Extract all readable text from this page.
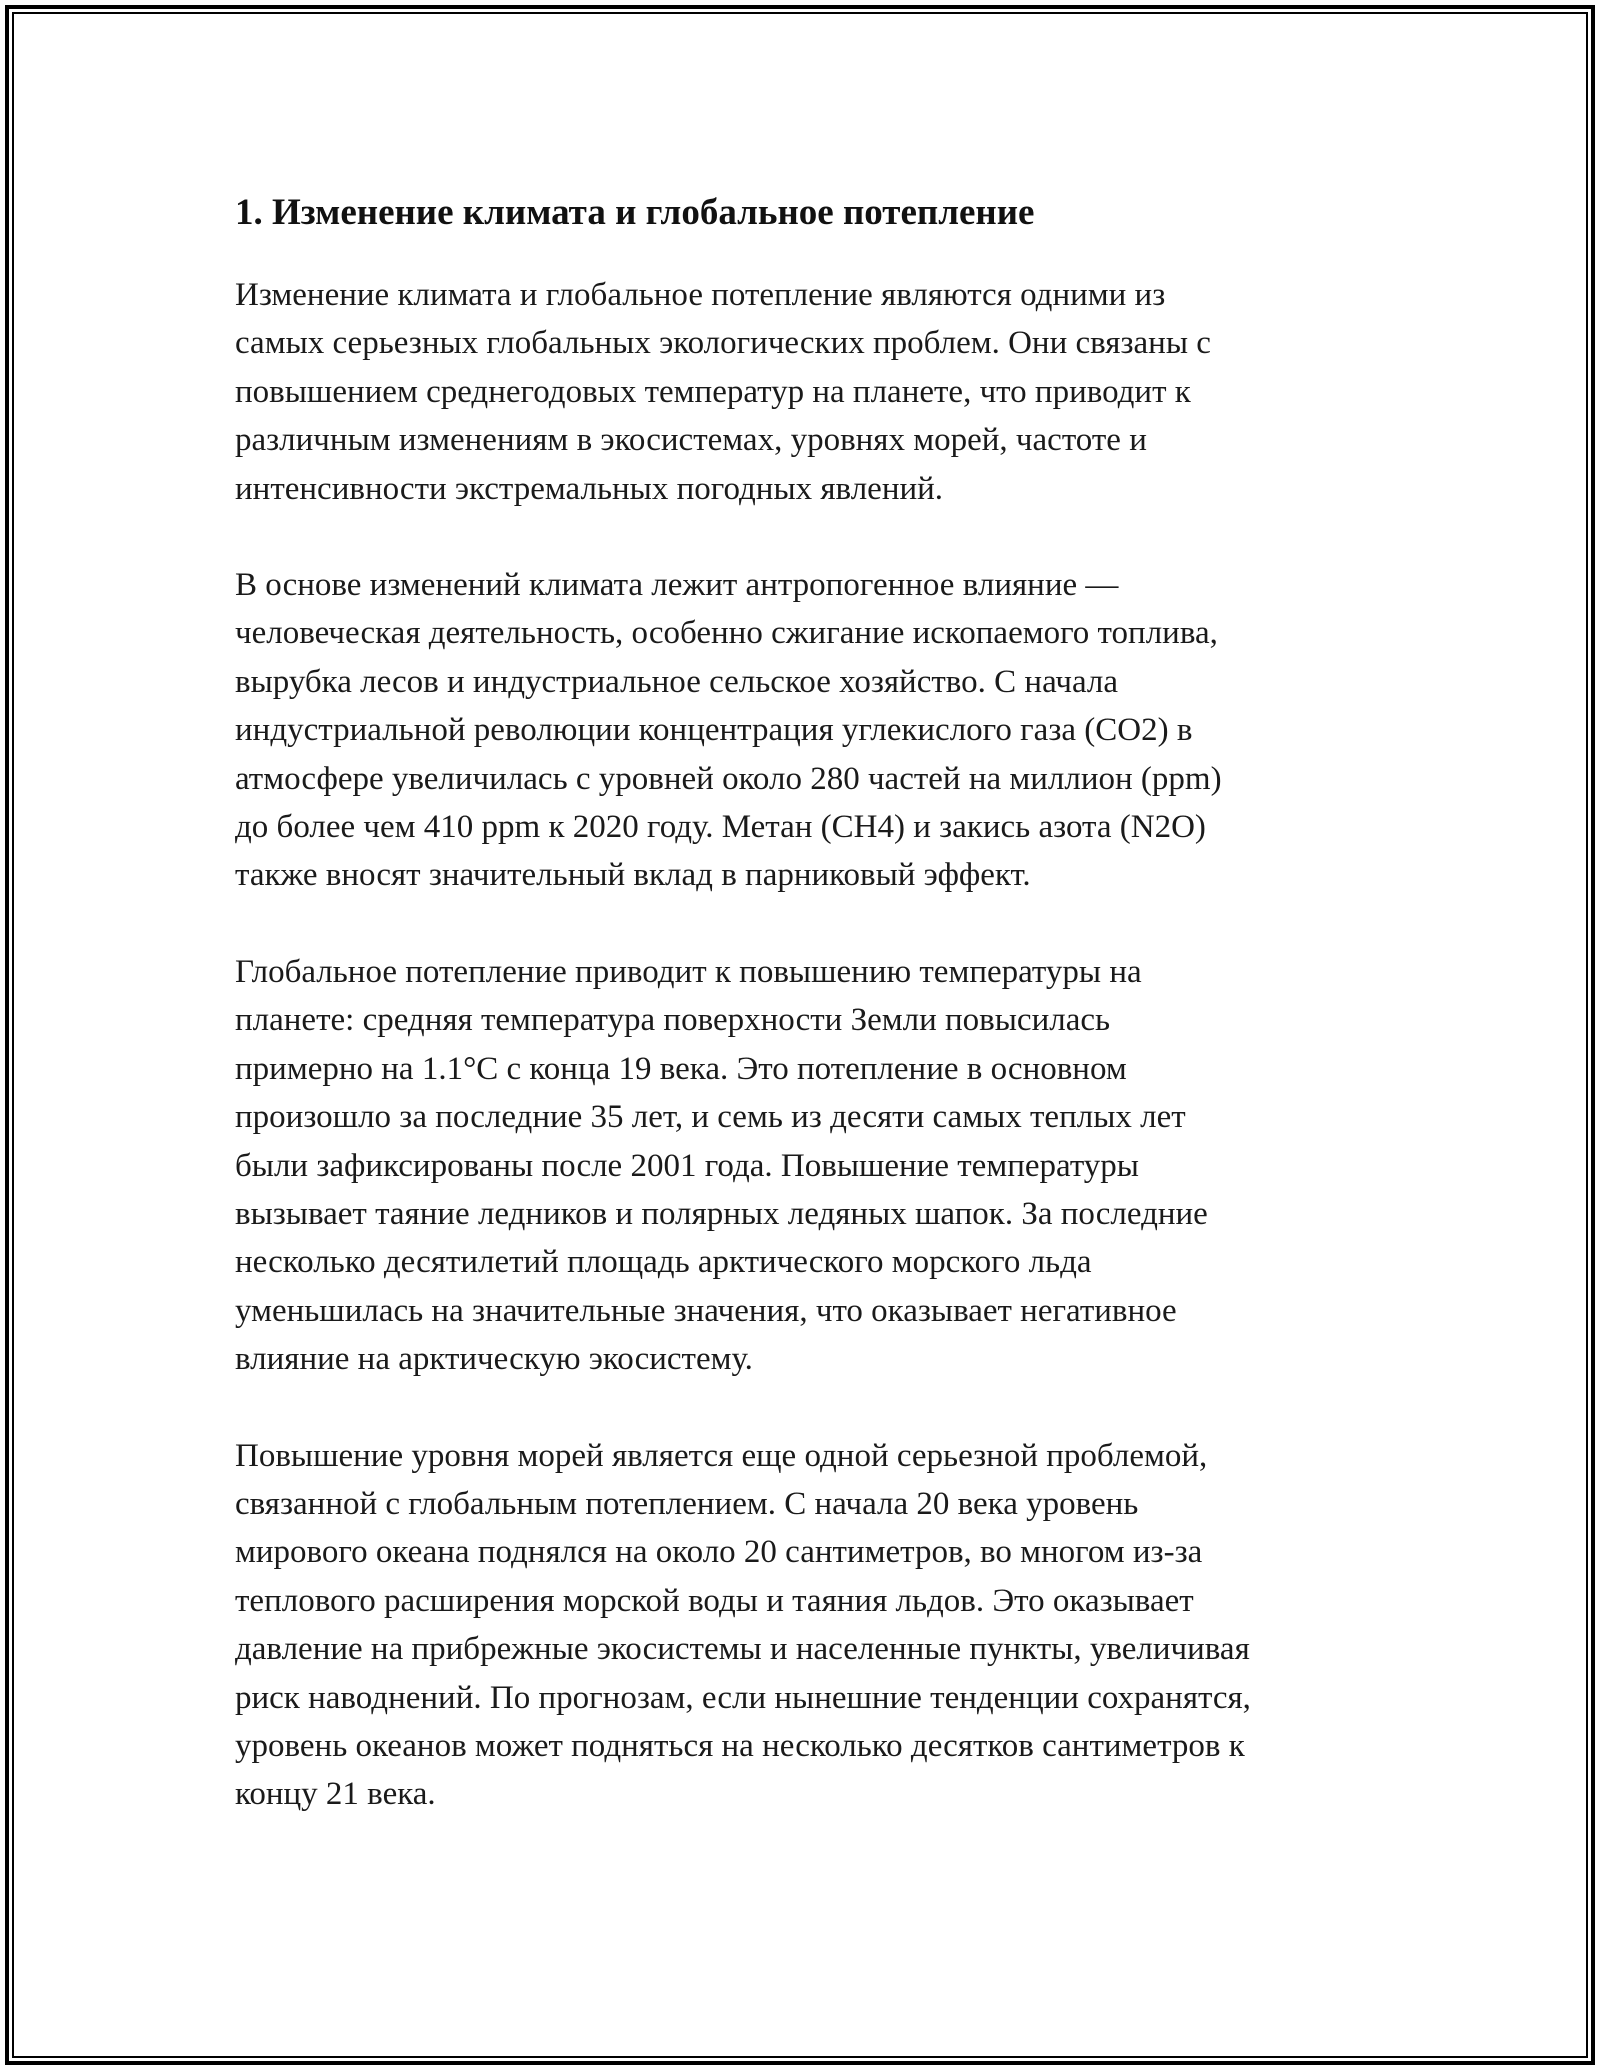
1. Изменение климата и глобальное потепление

Изменение климата и глобальное потепление являются одними из
самых серьезных глобальных экологических проблем. Они связаны с
повышением среднегодовых температур на планете, что приводит к
различным изменениям в экосистемах, уровнях морей, частоте и
интенсивности экстремальных погодных явлений.

В основе изменений климата лежит антропогенное влияние —
человеческая деятельность, особенно сжигание ископаемого топлива,
вырубка лесов и индустриальное сельское хозяйство. С начала
индустриальной революции концентрация углекислого газа (CO2) в
атмосфере увеличилась с уровней около 280 частей на миллион (ppm)
до более чем 410 ppm к 2020 году. Метан (CH4) и закись азота (N2O)
также вносят значительный вклад в парниковый эффект.

Глобальное потепление приводит к повышению температуры на
планете: средняя температура поверхности Земли повысилась
примерно на 1.1°C с конца 19 века. Это потепление в основном
произошло за последние 35 лет, и семь из десяти самых теплых лет
были зафиксированы после 2001 года. Повышение температуры
вызывает таяние ледников и полярных ледяных шапок. За последние
несколько десятилетий площадь арктического морского льда
уменьшилась на значительные значения, что оказывает негативное
влияние на арктическую экосистему.

Повышение уровня морей является еще одной серьезной проблемой,
связанной с глобальным потеплением. С начала 20 века уровень
мирового океана поднялся на около 20 сантиметров, во многом из-за
теплового расширения морской воды и таяния льдов. Это оказывает
давление на прибрежные экосистемы и населенные пункты, увеличивая
риск наводнений. По прогнозам, если нынешние тенденции сохранятся,
уровень океанов может подняться на несколько десятков сантиметров к
концу 21 века.
